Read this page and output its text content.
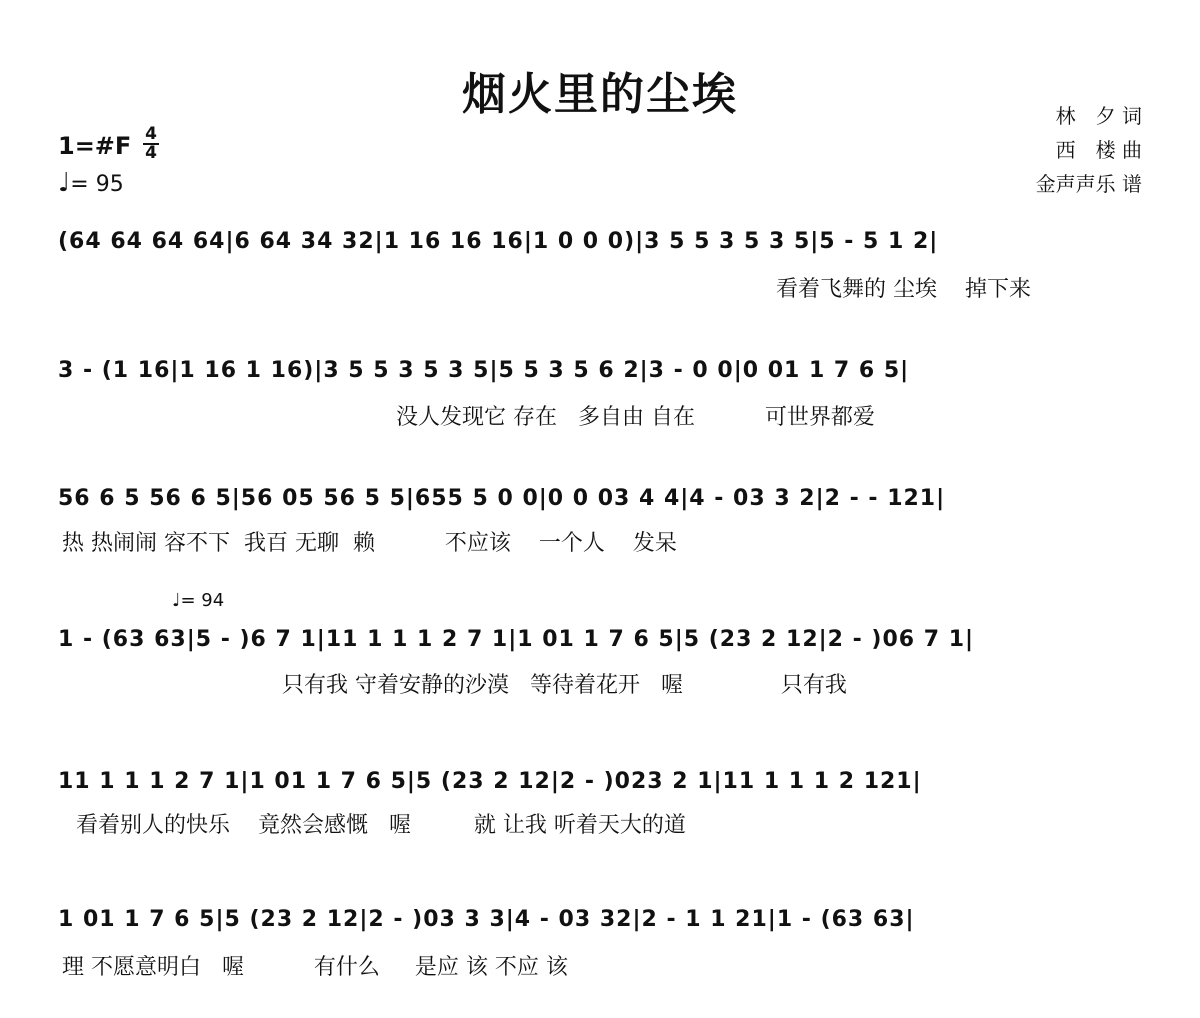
烟火里的尘埃	林　夕 词
西　楼 曲
金声声乐 谱
1=#F 4
4
♩= 95
♩= 94
(64 64 64 64|6 64 34 32|1 16 16 16|1 0 0 0)|3 5 5 3 5 3 5|5 - 5 1 2|
看着飞舞的 尘埃    掉下来
3 - (1 16|1 16 1 16)|3 5 5 3 5 3 5|5 5 3 5 6 2|3 - 0 0|0 01 1 7 6 5|
没人发现它 存在   多自由 自在          可世界都爱
56 6 5 56 6 5|56 05 56 5 5|655 5 0 0|0 0 03 4 4|4 - 03 3 2|2 - - 121|
热 热闹闹 容不下  我百 无聊  赖          不应该    一个人    发呆
1 - (63 63|5 - )6 7 1|11 1 1 1 2 7 1|1 01 1 7 6 5|5 (23 2 12|2 - )06 7 1|
只有我 守着安静的沙漠   等待着花开   喔              只有我
11 1 1 1 2 7 1|1 01 1 7 6 5|5 (23 2 12|2 - )023 2 1|11 1 1 1 2 121|
看着别人的快乐    竟然会感慨   喔         就 让我 听着天大的道
1 01 1 7 6 5|5 (23 2 12|2 - )03 3 3|4 - 03 32|2 - 1 1 21|1 - (63 63|
理 不愿意明白   喔          有什么     是应 该 不应 该
